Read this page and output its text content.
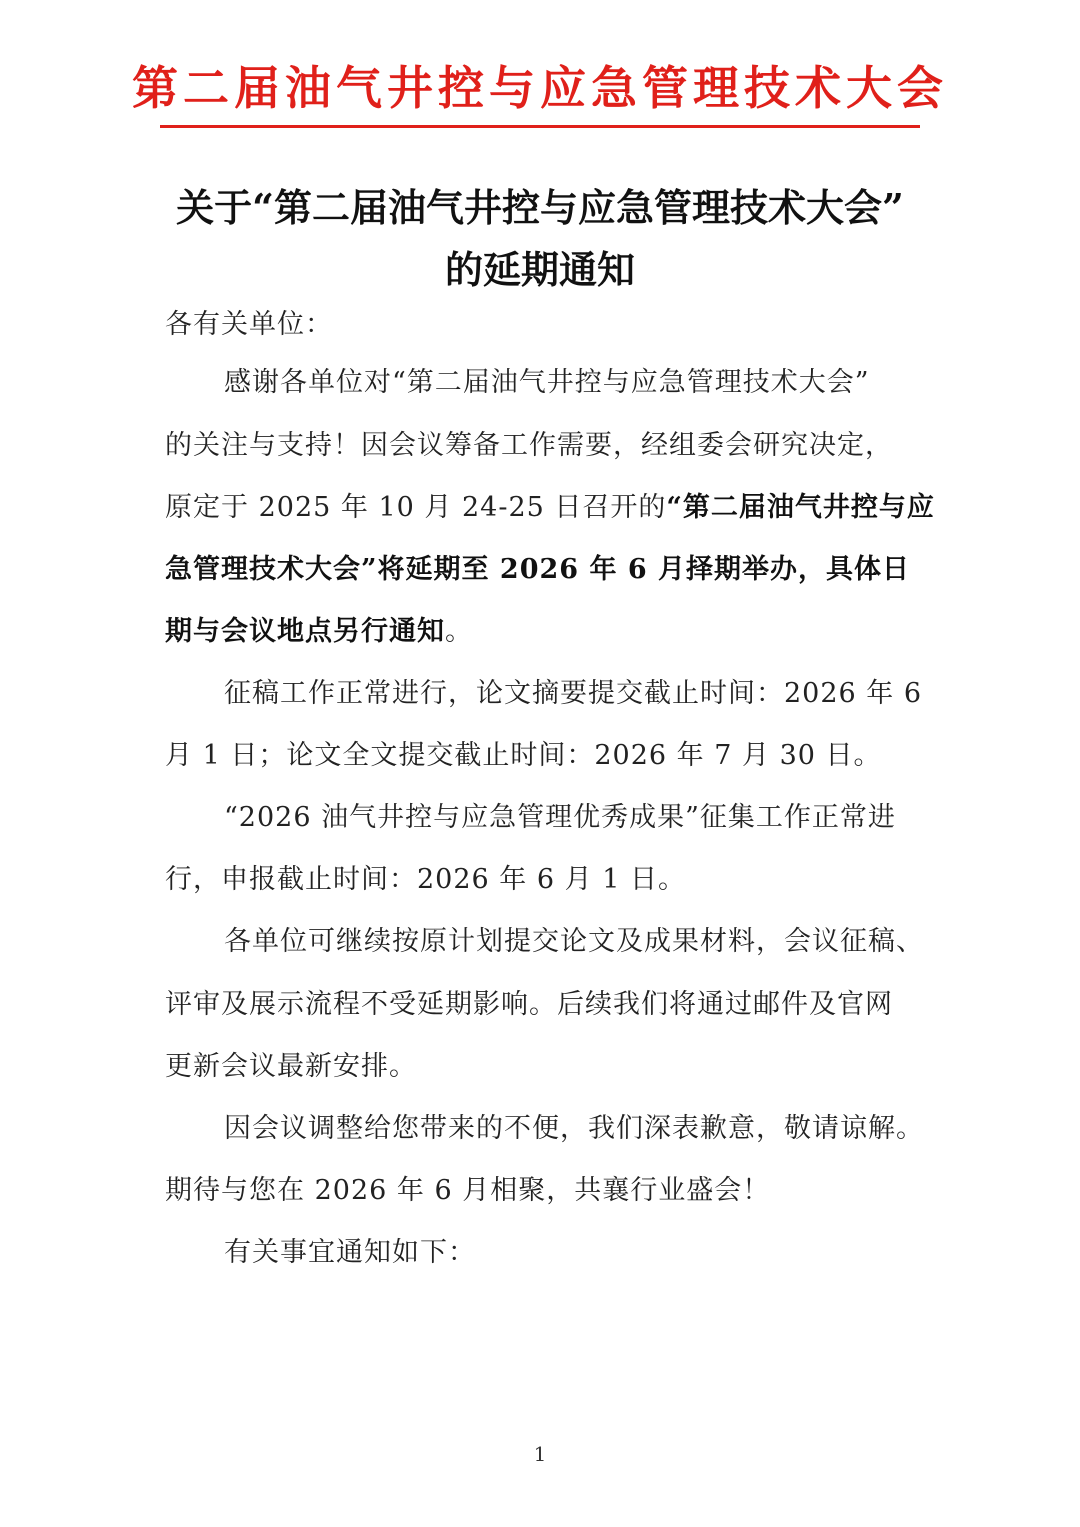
第二届油气井控与应急管理技术大会
关于“第二届油气井控与应急管理技术大会”
的延期通知
各有关单位：
感谢各单位对“第二届油气井控与应急管理技术大会”
的关注与支持！因会议筹备工作需要，经组委会研究决定，
原定于 2025 年 10 月 24-25 日召开的“第二届油气井控与应
急管理技术大会”将延期至 2026 年 6 月择期举办，具体日
期与会议地点另行通知。
征稿工作正常进行，论文摘要提交截止时间：2026 年 6
月 1 日；论文全文提交截止时间：2026 年 7 月 30 日。
“2026 油气井控与应急管理优秀成果”征集工作正常进
行，申报截止时间：2026 年 6 月 1 日。
各单位可继续按原计划提交论文及成果材料，会议征稿、
评审及展示流程不受延期影响。后续我们将通过邮件及官网
更新会议最新安排。
因会议调整给您带来的不便，我们深表歉意，敬请谅解。
期待与您在 2026 年 6 月相聚，共襄行业盛会！
有关事宜通知如下：
1
